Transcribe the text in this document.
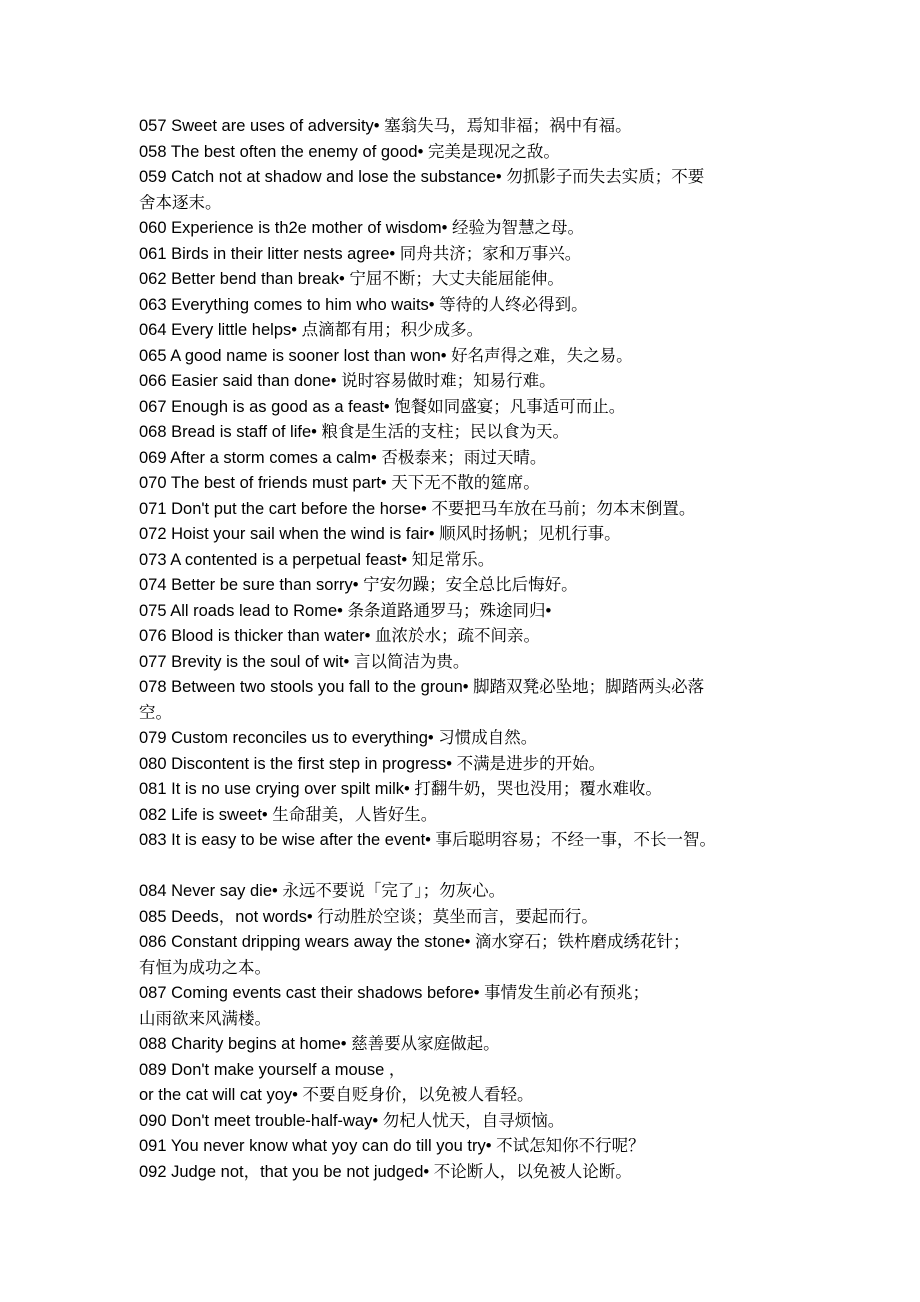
057 Sweet are uses of adversity• 塞翁失马，焉知非福；祸中有福。
058 The best often the enemy of good• 完美是现况之敌。
059 Catch not at shadow and lose the substance• 勿抓影子而失去实质；不要
舍本逐末。
060 Experience is th2e mother of wisdom• 经验为智慧之母。
061 Birds in their litter nests agree• 同舟共济；家和万事兴。
062 Better bend than break• 宁屈不断；大丈夫能屈能伸。
063 Everything comes to him who waits• 等待的人终必得到。
064 Every little helps• 点滴都有用；积少成多。
065 A good name is sooner lost than won• 好名声得之难，失之易。
066 Easier said than done• 说时容易做时难；知易行难。
067 Enough is as good as a feast• 饱餐如同盛宴；凡事适可而止。
068 Bread is staff of life• 粮食是生活的支柱；民以食为天。
069 After a storm comes a calm• 否极泰来；雨过天晴。
070 The best of friends must part• 天下无不散的筵席。
071 Don't put the cart before the horse• 不要把马车放在马前；勿本末倒置。
072 Hoist your sail when the wind is fair• 顺风时扬帆；见机行事。
073 A contented is a perpetual feast• 知足常乐。
074 Better be sure than sorry• 宁安勿躁；安全总比后悔好。
075 All roads lead to Rome• 条条道路通罗马；殊途同归•
076 Blood is thicker than water• 血浓於水；疏不间亲。
077 Brevity is the soul of wit• 言以简洁为贵。
078 Between two stools you fall to the groun• 脚踏双凳必坠地；脚踏两头必落
空。
079 Custom reconciles us to everything• 习惯成自然。
080 Discontent is the first step in progress• 不满是进步的开始。
081 It is no use crying over spilt milk• 打翻牛奶，哭也没用；覆水难收。
082 Life is sweet• 生命甜美，人皆好生。
083 It is easy to be wise after the event• 事后聪明容易；不经一事，不长一智。
084 Never say die• 永远不要说「完了」；勿灰心。
085 Deeds，not words• 行动胜於空谈；莫坐而言，要起而行。
086 Constant dripping wears away the stone• 滴水穿石；铁杵磨成绣花针；
有恒为成功之本。
087 Coming events cast their shadows before• 事情发生前必有预兆；
山雨欲来风满楼。
088 Charity begins at home• 慈善要从家庭做起。
089 Don't make yourself a mouse ，
or the cat will cat yoy• 不要自贬身价，以免被人看轻。
090 Don't meet trouble-half-way• 勿杞人忧天，自寻烦恼。
091 You never know what yoy can do till you try• 不试怎知你不行呢？
092 Judge not，that you be not judged• 不论断人，以免被人论断。
